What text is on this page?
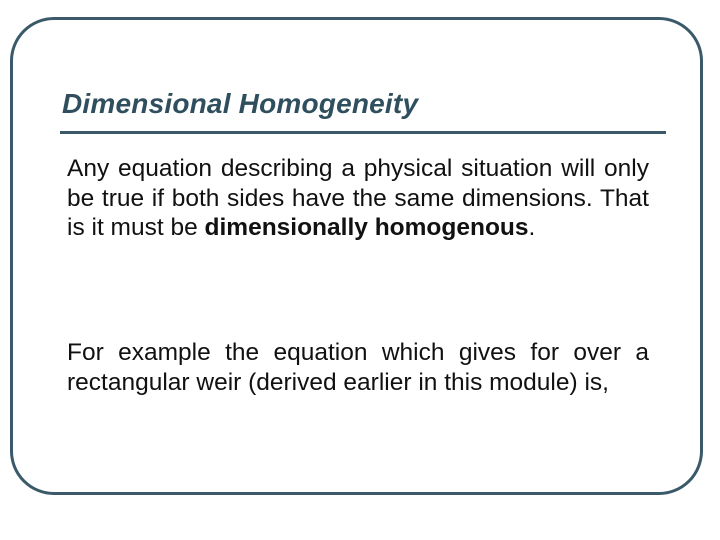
Dimensional Homogeneity

Any equation describing a physical situation will only be true if both sides have the same dimensions. That is it must be dimensionally homogenous.

For example the equation which gives for over a rectangular weir (derived earlier in this module) is,
